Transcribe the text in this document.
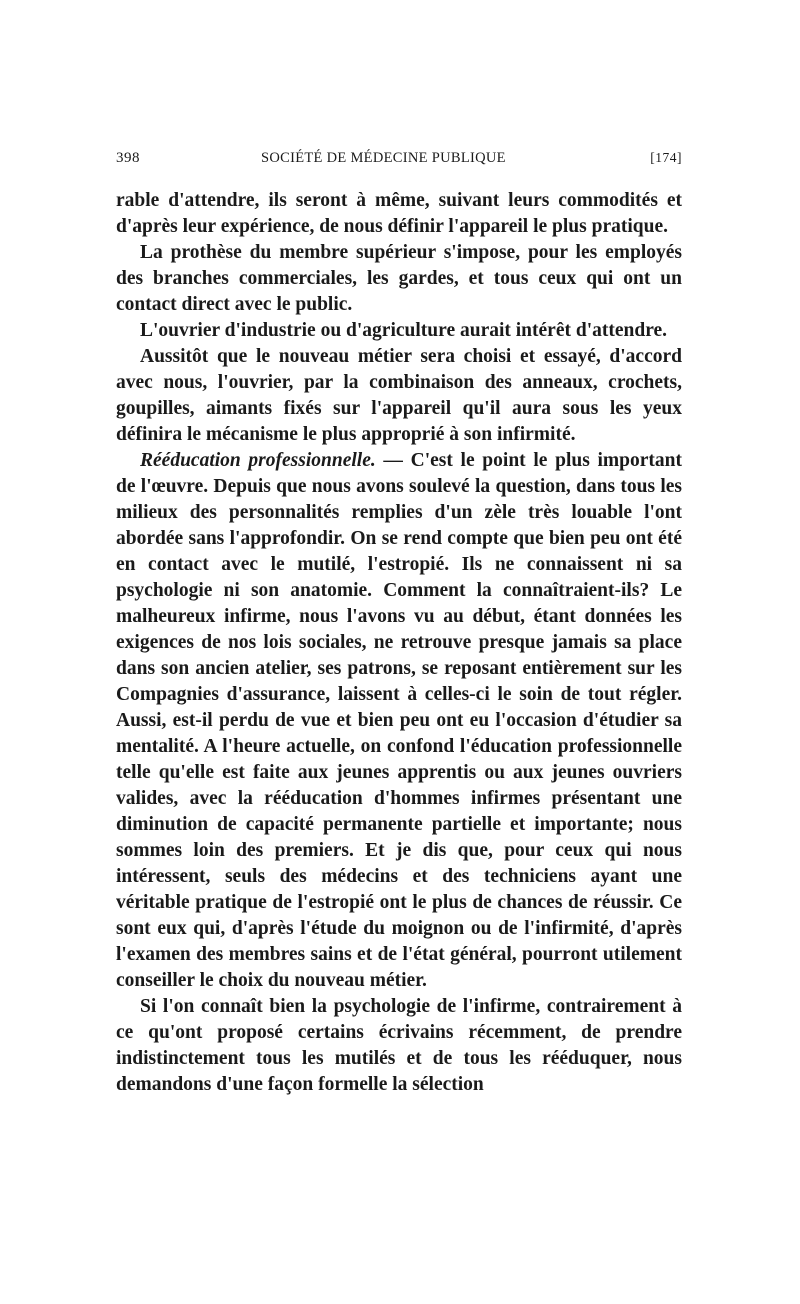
398	SOCIÉTÉ DE MÉDECINE PUBLIQUE	[174]

rable d'attendre, ils seront à même, suivant leurs commodités et d'après leur expérience, de nous définir l'appareil le plus pratique.

La prothèse du membre supérieur s'impose, pour les employés des branches commerciales, les gardes, et tous ceux qui ont un contact direct avec le public.

L'ouvrier d'industrie ou d'agriculture aurait intérêt d'attendre.

Aussitôt que le nouveau métier sera choisi et essayé, d'accord avec nous, l'ouvrier, par la combinaison des anneaux, crochets, goupilles, aimants fixés sur l'appareil qu'il aura sous les yeux définira le mécanisme le plus approprié à son infirmité.

Rééducation professionnelle. — C'est le point le plus important de l'œuvre. Depuis que nous avons soulevé la question, dans tous les milieux des personnalités remplies d'un zèle très louable l'ont abordée sans l'approfondir. On se rend compte que bien peu ont été en contact avec le mutilé, l'estropié. Ils ne connaissent ni sa psychologie ni son anatomie. Comment la connaîtraient-ils? Le malheureux infirme, nous l'avons vu au début, étant données les exigences de nos lois sociales, ne retrouve presque jamais sa place dans son ancien atelier, ses patrons, se reposant entièrement sur les Compagnies d'assurance, laissent à celles-ci le soin de tout régler. Aussi, est-il perdu de vue et bien peu ont eu l'occasion d'étudier sa mentalité. A l'heure actuelle, on confond l'éducation professionnelle telle qu'elle est faite aux jeunes apprentis ou aux jeunes ouvriers valides, avec la rééducation d'hommes infirmes présentant une diminution de capacité permanente partielle et importante; nous sommes loin des premiers. Et je dis que, pour ceux qui nous intéressent, seuls des médecins et des techniciens ayant une véritable pratique de l'estropié ont le plus de chances de réussir. Ce sont eux qui, d'après l'étude du moignon ou de l'infirmité, d'après l'examen des membres sains et de l'état général, pourront utilement conseiller le choix du nouveau métier.

Si l'on connaît bien la psychologie de l'infirme, contrairement à ce qu'ont proposé certains écrivains récemment, de prendre indistinctement tous les mutilés et de tous les rééduquer, nous demandons d'une façon formelle la sélection
